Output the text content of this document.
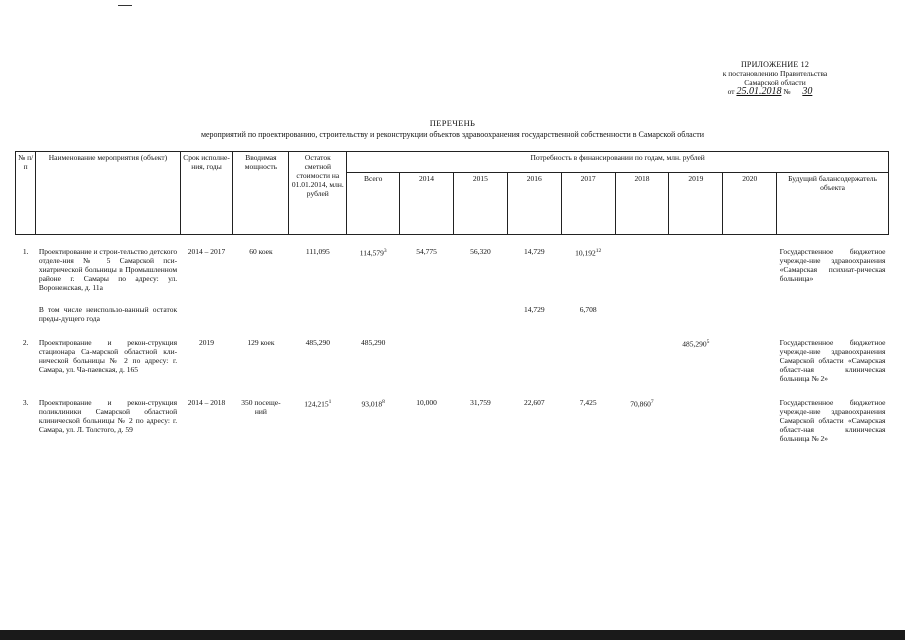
ПРИЛОЖЕНИЕ 12
к постановлению Правительства
Самарской области
от 25.01.2018 № 30
ПЕРЕЧЕНЬ
мероприятий по проектированию, строительству и реконструкции объектов здравоохранения государственной собственности в Самарской области
№ п/п	Наименование мероприятия (объект)	Срок исполне-ния, годы	Вводимая мощность	Остаток сметной стоимости на 01.01.2014, млн. рублей	Потребность в финансировании по годам, млн. рублей								
					Всего	2014	2015	2016	2017	2018	2019	2020	Будущий балансодержатель объекта
1.	Проектирование и строи-тельство детского отделе-ния № 5 Самарской пси-хиатрической больницы в Промышленном районе г. Самары по адресу: ул. Воронежская, д. 11а	2014 – 2017	60 коек	111,095	114,579$^3$	54,775	56,320	14,729	10,192$^{12}$				Государственное бюджетное учрежде-ние здравоохранения «Самарская психиат-рическая больница»
	В том числе неиспользо-ванный остаток преды-дущего года							14,729	6,708				
2.	Проектирование и рекон-струкция стационара Са-марской областной кли-нической больницы № 2 по адресу: г. Самара, ул. Ча-паевская, д. 165	2019	129 коек	485,290	485,290						485,290$^5$		Государственное бюджетное учрежде-ние здравоохранения Самарской области «Самарская област-ная клиническая больница № 2»
3.	Проектирование и рекон-струкция поликлиники Самарской областной клинической больницы № 2 по адресу: г. Самара, ул. Л. Толстого, д. 59	2014 – 2018	350 посеще-ний	124,215$^1$	93,018$^8$	10,000	31,759	22,607	7,425	70,860$^7$			Государственное бюджетное учрежде-ние здравоохранения Самарской области «Самарская област-ная клиническая больница № 2»
